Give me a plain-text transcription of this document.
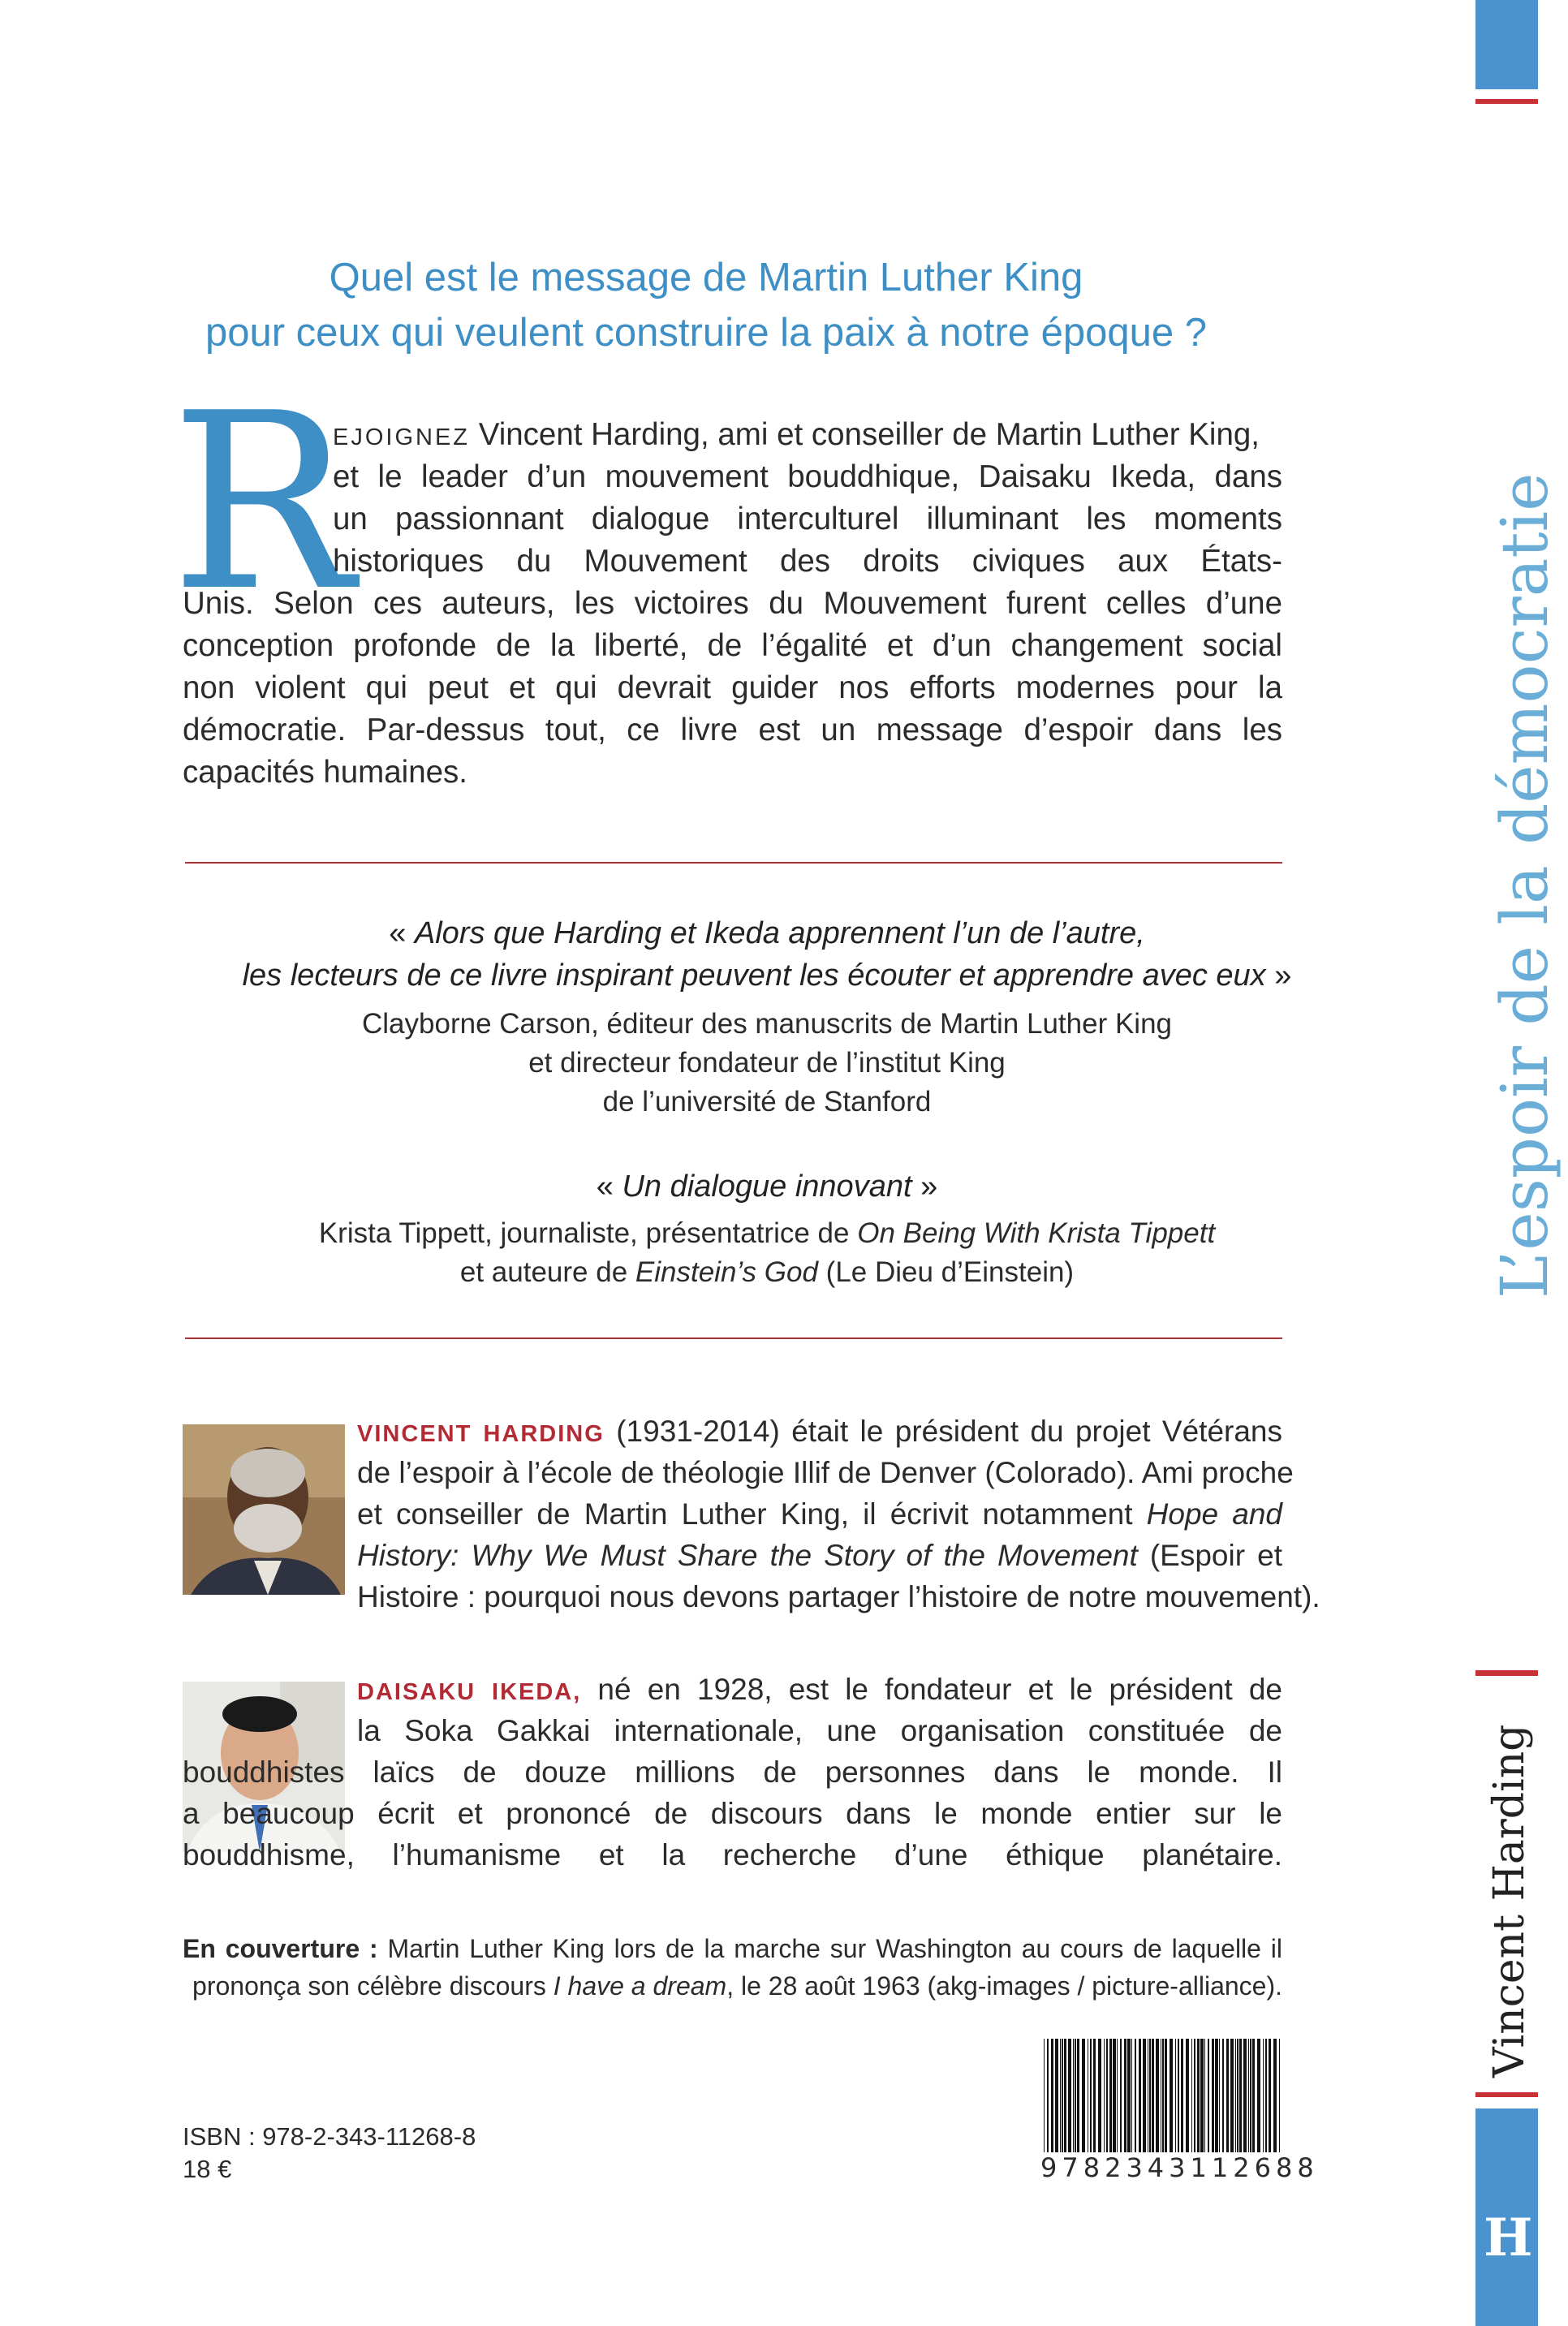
Quel est le message de Martin Luther King
pour ceux qui veulent construire la paix à notre époque ?
R
EJOIGNEZ Vincent Harding, ami et conseiller de Martin Luther King,
et le leader d’un mouvement bouddhique, Daisaku Ikeda, dans
un passionnant dialogue interculturel illuminant les moments
historiques du Mouvement des droits civiques aux États-
Unis. Selon ces auteurs, les victoires du Mouvement furent celles d’une
conception profonde de la liberté, de l’égalité et d’un changement social
non violent qui peut et qui devrait guider nos efforts modernes pour la
démocratie. Par-dessus tout, ce livre est un message d’espoir dans les
capacités humaines.
« Alors que Harding et Ikeda apprennent l’un de l’autre,
les lecteurs de ce livre inspirant peuvent les écouter et apprendre avec eux »
Clayborne Carson, éditeur des manuscrits de Martin Luther King
et directeur fondateur de l’institut King
de l’université de Stanford
« Un dialogue innovant »
Krista Tippett, journaliste, présentatrice de On Being With Krista Tippett
et auteure de Einstein’s God (Le Dieu d’Einstein)
VINCENT HARDING (1931-2014) était le président du projet Vétérans
de l’espoir à l’école de théologie Illif de Denver (Colorado). Ami proche
et conseiller de Martin Luther King, il écrivit notamment Hope and
History: Why We Must Share the Story of the Movement (Espoir et
Histoire : pourquoi nous devons partager l’histoire de notre mouvement).
DAISAKU IKEDA, né en 1928, est le fondateur et le président de
la Soka Gakkai internationale, une organisation constituée de
bouddhistes laïcs de douze millions de personnes dans le monde. Il
a beaucoup écrit et prononcé de discours dans le monde entier sur le
bouddhisme, l’humanisme et la recherche d’une éthique planétaire.
En couverture : Martin Luther King lors de la marche sur Washington au cours de laquelle il
prononça son célèbre discours I have a dream, le 28 août 1963 (akg-images / picture-alliance).
ISBN : 978-2-343-11268-8
18 €	9782343112688
L’espoir de la démocratie
Vincent Harding
H
